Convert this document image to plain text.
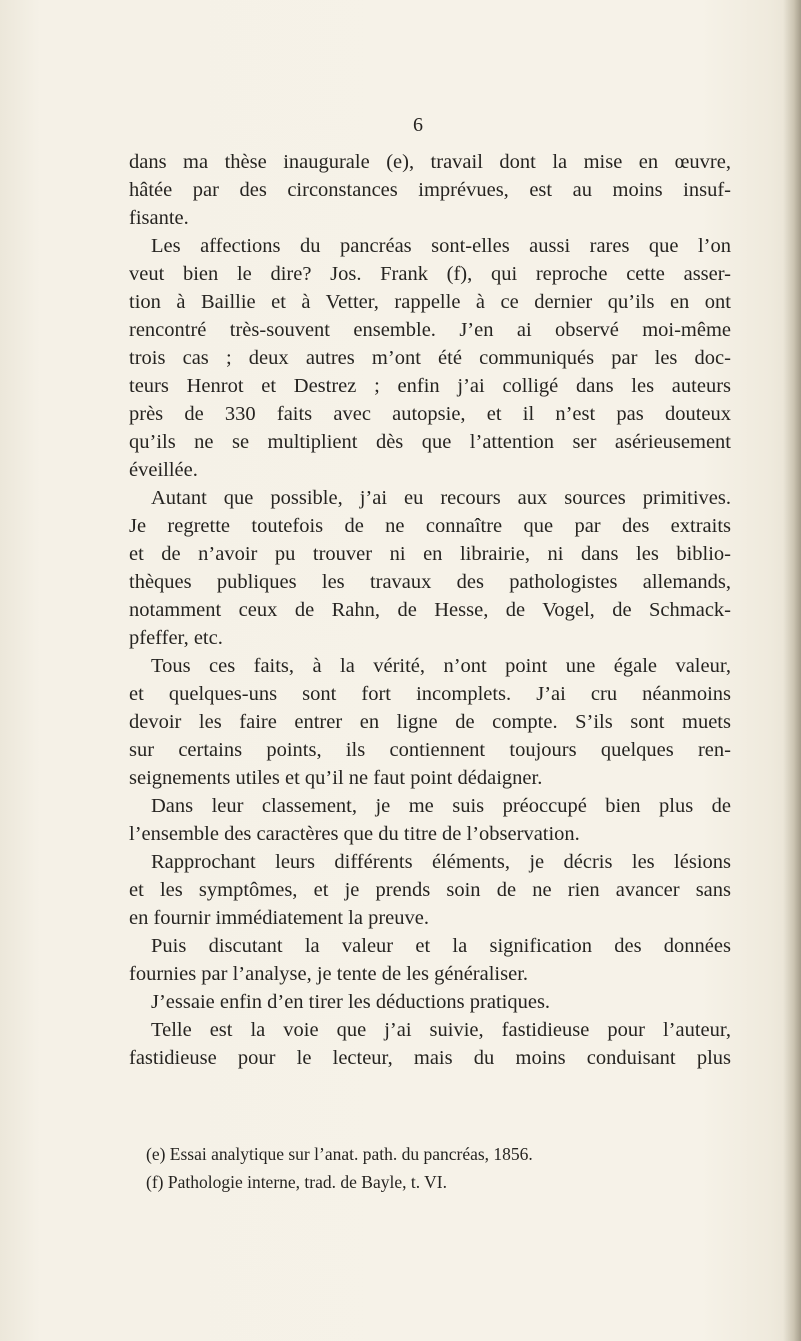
6
dans ma thèse inaugurale (e), travail dont la mise en œuvre,
hâtée par des circonstances imprévues, est au moins insuf-
fisante.
Les affections du pancréas sont-elles aussi rares que l’on
veut bien le dire? Jos. Frank (f), qui reproche cette asser-
tion à Baillie et à Vetter, rappelle à ce dernier qu’ils en ont
rencontré très-souvent ensemble. J’en ai observé moi-même
trois cas ; deux autres m’ont été communiqués par les doc-
teurs Henrot et Destrez ; enfin j’ai colligé dans les auteurs
près de 330 faits avec autopsie, et il n’est pas douteux
qu’ils ne se multiplient dès que l’attention ser asérieusement
éveillée.
Autant que possible, j’ai eu recours aux sources primitives.
Je regrette toutefois de ne connaître que par des extraits
et de n’avoir pu trouver ni en librairie, ni dans les biblio-
thèques publiques les travaux des pathologistes allemands,
notamment ceux de Rahn, de Hesse, de Vogel, de Schmack-
pfeffer, etc.
Tous ces faits, à la vérité, n’ont point une égale valeur,
et quelques-uns sont fort incomplets. J’ai cru néanmoins
devoir les faire entrer en ligne de compte. S’ils sont muets
sur certains points, ils contiennent toujours quelques ren-
seignements utiles et qu’il ne faut point dédaigner.
Dans leur classement, je me suis préoccupé bien plus de
l’ensemble des caractères que du titre de l’observation.
Rapprochant leurs différents éléments, je décris les lésions
et les symptômes, et je prends soin de ne rien avancer sans
en fournir immédiatement la preuve.
Puis discutant la valeur et la signification des données
fournies par l’analyse, je tente de les généraliser.
J’essaie enfin d’en tirer les déductions pratiques.
Telle est la voie que j’ai suivie, fastidieuse pour l’auteur,
fastidieuse pour le lecteur, mais du moins conduisant plus
(e) Essai analytique sur l’anat. path. du pancréas, 1856.
(f) Pathologie interne, trad. de Bayle, t. VI.
